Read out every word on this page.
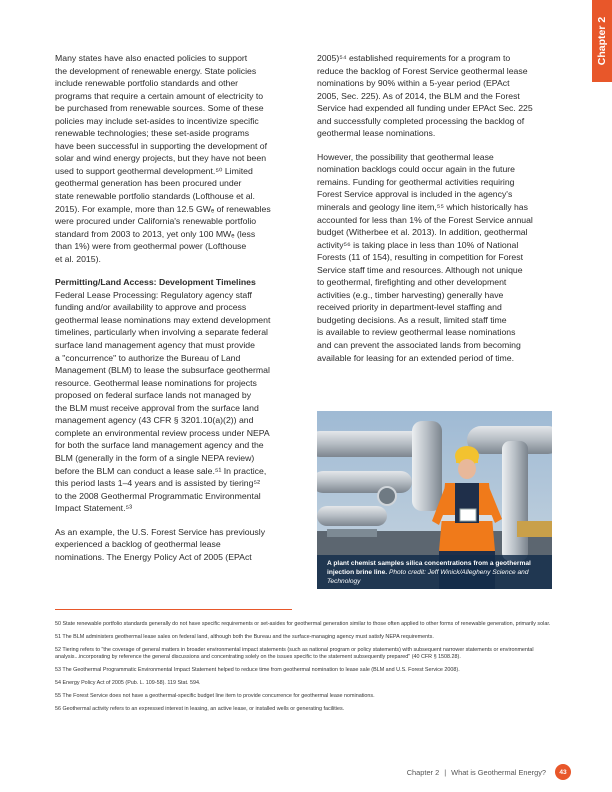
Chapter 2

Many states have also enacted policies to support
the development of renewable energy. State policies
include renewable portfolio standards and other
programs that require a certain amount of electricity to
be purchased from renewable sources. Some of these
policies may include set-asides to incentivize specific
renewable technologies; these set-aside programs
have been successful in supporting the development of
solar and wind energy projects, but they have not been
used to support geothermal development.⁵⁰ Limited
geothermal generation has been procured under
state renewable portfolio standards (Lofthouse et al.
2015). For example, more than 12.5 GWₑ of renewables
were procured under California's renewable portfolio
standard from 2003 to 2013, yet only 100 MWₑ (less
than 1%) were from geothermal power (Lofthouse
et al. 2015).

Permitting/Land Access: Development Timelines
Federal Lease Processing: Regulatory agency staff
funding and/or availability to approve and process
geothermal lease nominations may extend development
timelines, particularly when involving a separate federal
surface land management agency that must provide
a "concurrence" to authorize the Bureau of Land
Management (BLM) to lease the subsurface geothermal
resource. Geothermal lease nominations for projects
proposed on federal surface lands not managed by
the BLM must receive approval from the surface land
management agency (43 CFR § 3201.10(a)(2)) and
complete an environmental review process under NEPA
for both the surface land management agency and the
BLM (generally in the form of a single NEPA review)
before the BLM can conduct a lease sale.⁵¹ In practice,
this period lasts 1–4 years and is assisted by tiering⁵²
to the 2008 Geothermal Programmatic Environmental
Impact Statement.⁵³

As an example, the U.S. Forest Service has previously
experienced a backlog of geothermal lease
nominations. The Energy Policy Act of 2005 (EPAct

2005)⁵⁴ established requirements for a program to
reduce the backlog of Forest Service geothermal lease
nominations by 90% within a 5-year period (EPAct
2005, Sec. 225). As of 2014, the BLM and the Forest
Service had expended all funding under EPAct Sec. 225
and successfully completed processing the backlog of
geothermal lease nominations.

However, the possibility that geothermal lease
nomination backlogs could occur again in the future
remains. Funding for geothermal activities requiring
Forest Service approval is included in the agency's
minerals and geology line item,⁵⁵ which historically has
accounted for less than 1% of the Forest Service annual
budget (Witherbee et al. 2013). In addition, geothermal
activity⁵⁶ is taking place in less than 10% of National
Forests (11 of 154), resulting in competition for Forest
Service staff time and resources. Although not unique
to geothermal, firefighting and other development
activities (e.g., timber harvesting) generally have
received priority in department-level staffing and
budgeting decisions. As a result, limited staff time
is available to review geothermal lease nominations
and can prevent the associated lands from becoming
available for leasing for an extended period of time.

A plant chemist samples silica concentrations from a geothermal injection brine line. Photo credit: Jeff Winick/Allegheny Science and Technology

50 State renewable portfolio standards generally do not have specific requirements or set-asides for geothermal generation similar to those often applied to other forms of renewable generation, primarily solar.

51 The BLM administers geothermal lease sales on federal land, although both the Bureau and the surface-managing agency must satisfy NEPA requirements.

52 Tiering refers to "the coverage of general matters in broader environmental impact statements (such as national program or policy statements) with subsequent narrower statements or environmental analysis...incorporating by reference the general discussions and concentrating solely on the issues specific to the statement subsequently prepared" (40 CFR § 1508.28).

53 The Geothermal Programmatic Environmental Impact Statement helped to reduce time from geothermal nomination to lease sale (BLM and U.S. Forest Service 2008).

54 Energy Policy Act of 2005 (Pub. L. 109-58). 119 Stat. 594.

55 The Forest Service does not have a geothermal-specific budget line item to provide concurrence for geothermal lease nominations.

56 Geothermal activity refers to an expressed interest in leasing, an active lease, or installed wells or generating facilities.

Chapter 2 | What is Geothermal Energy?	43
